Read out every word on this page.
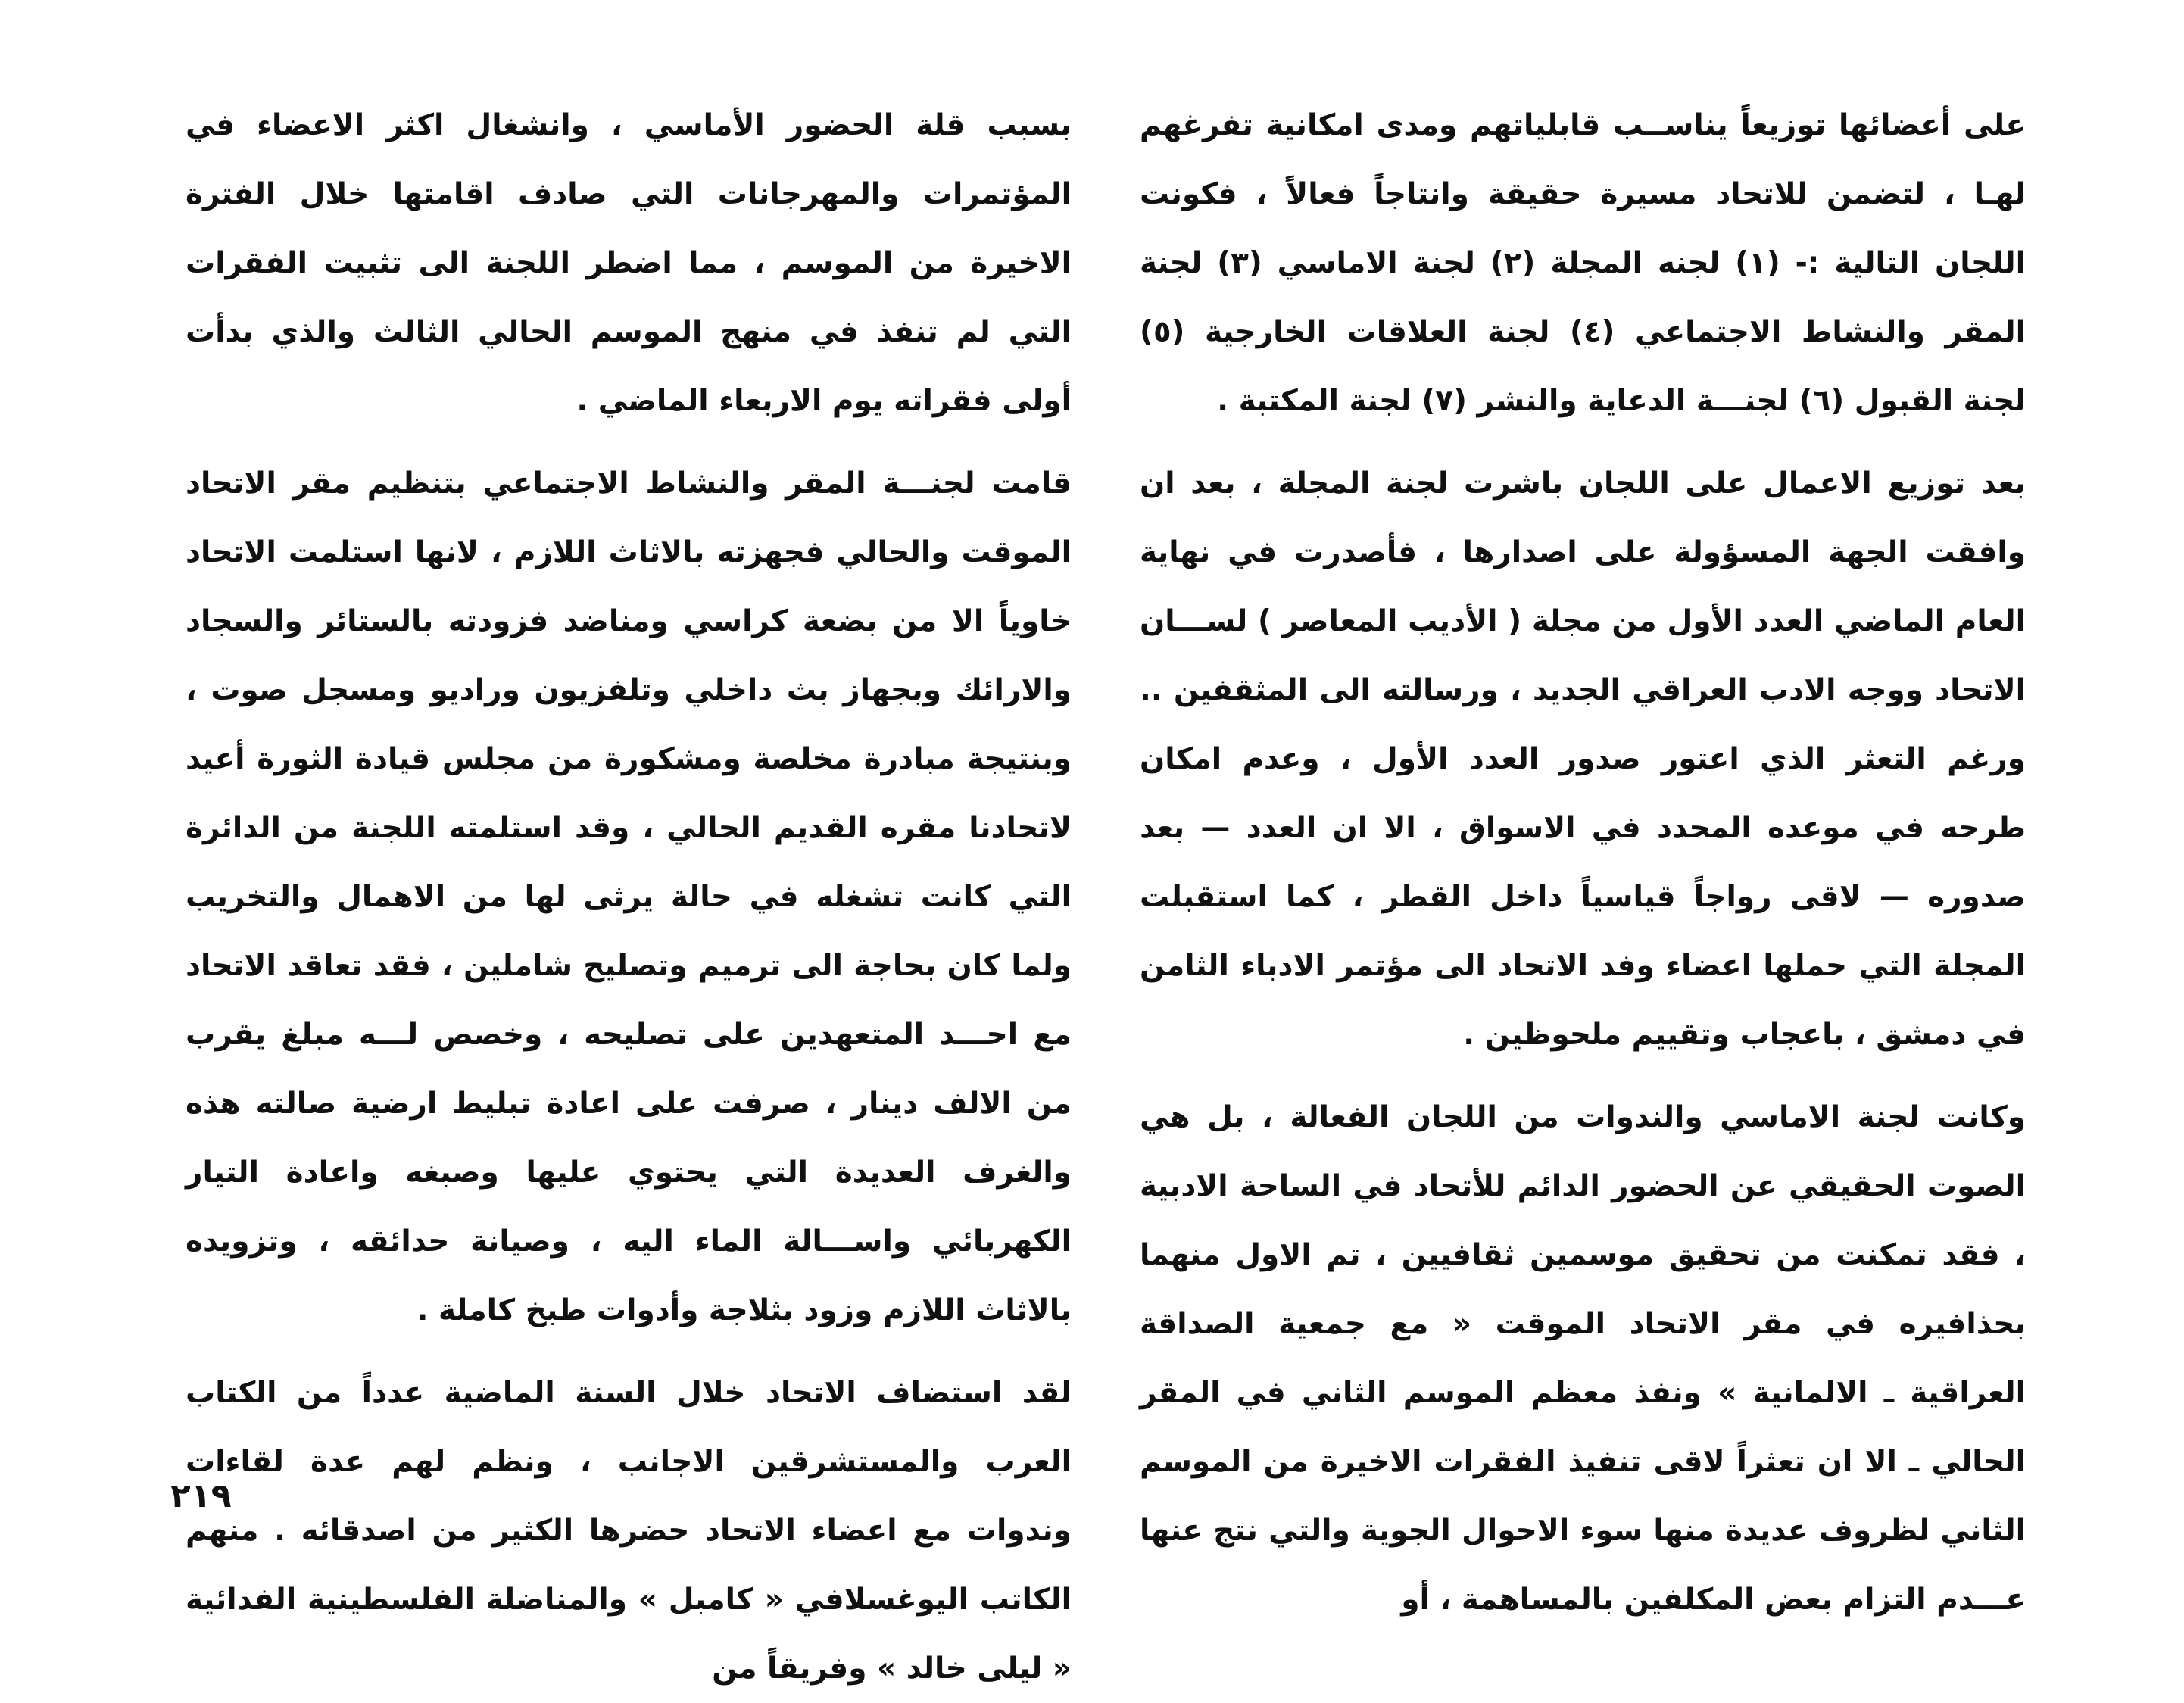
على أعضائها توزيعاً يناســب قابلياتهم ومدى امكانية تفرغهم لهـا ، لتضمن للاتحاد مسيرة حقيقة وانتاجاً فعالاً ، فكونت اللجان التالية :- (١) لجنه المجلة (٢) لجنة الاماسي (٣) لجنة المقر والنشاط الاجتماعي (٤) لجنة العلاقات الخارجية (٥) لجنة القبول (٦) لجنـــة الدعاية والنشر (٧) لجنة المكتبة .

بعد توزيع الاعمال على اللجان باشرت لجنة المجلة ، بعد ان وافقت الجهة المسؤولة على اصدارها ، فأصدرت في نهاية العام الماضي العدد الأول من مجلة ( الأديب المعاصر ) لســـان الاتحاد ووجه الادب العراقي الجديد ، ورسالته الى المثقفين .. ورغم التعثر الذي اعتور صدور العدد الأول ، وعدم امكان طرحه في موعده المحدد في الاسواق ، الا ان العدد — بعد صدوره — لاقى رواجاً قياسياً داخل القطر ، كما استقبلت المجلة التي حملها اعضاء وفد الاتحاد الى مؤتمر الادباء الثامن في دمشق ، باعجاب وتقييم ملحوظين .

وكانت لجنة الاماسي والندوات من اللجان الفعالة ، بل هي الصوت الحقيقي عن الحضور الدائم للأتحاد في الساحة الادبية ، فقد تمكنت من تحقيق موسمين ثقافيين ، تم الاول منهما بحذافيره في مقر الاتحاد الموقت « مع جمعية الصداقة العراقية ـ الالمانية » ونفذ معظم الموسم الثاني في المقر الحالي ـ الا ان تعثراً لاقى تنفيذ الفقرات الاخيرة من الموسم الثاني لظروف عديدة منها سوء الاحوال الجوية والتي نتج عنها عـــدم التزام بعض المكلفين بالمساهمة ، أو

بسبب قلة الحضور الأماسي ، وانشغال اكثر الاعضاء في المؤتمرات والمهرجانات التي صادف اقامتها خلال الفترة الاخيرة من الموسم ، مما اضطر اللجنة الى تثبيت الفقرات التي لم تنفذ في منهج الموسم الحالي الثالث والذي بدأت أولى فقراته يوم الاربعاء الماضي .

قامت لجنـــة المقر والنشاط الاجتماعي بتنظيم مقر الاتحاد الموقت والحالي فجهزته بالاثاث اللازم ، لانها استلمت الاتحاد خاوياً الا من بضعة كراسي ومناضد فزودته بالستائر والسجاد والارائك وبجهاز بث داخلي وتلفزيون وراديو ومسجل صوت ، وبنتيجة مبادرة مخلصة ومشكورة من مجلس قيادة الثورة أعيد لاتحادنا مقره القديم الحالي ، وقد استلمته اللجنة من الدائرة التي كانت تشغله في حالة يرثى لها من الاهمال والتخريب ولما كان بحاجة الى ترميم وتصليح شاملين ، فقد تعاقد الاتحاد مع احـــد المتعهدين على تصليحه ، وخصص لـــه مبلغ يقرب من الالف دينار ، صرفت على اعادة تبليط ارضية صالته هذه والغرف العديدة التي يحتوي عليها وصبغه واعادة التيار الكهربائي واســـالة الماء اليه ، وصيانة حدائقه ، وتزويده بالاثاث اللازم وزود بثلاجة وأدوات طبخ كاملة .

لقد استضاف الاتحاد خلال السنة الماضية عدداً من الكتاب العرب والمستشرقين الاجانب ، ونظم لهم عدة لقاءات وندوات مع اعضاء الاتحاد حضرها الكثير من اصدقائه . منهم الكاتب اليوغسلافي « كامبل » والمناضلة الفلسطينية الفدائية « ليلى خالد » وفريقاً من

٢١٩
